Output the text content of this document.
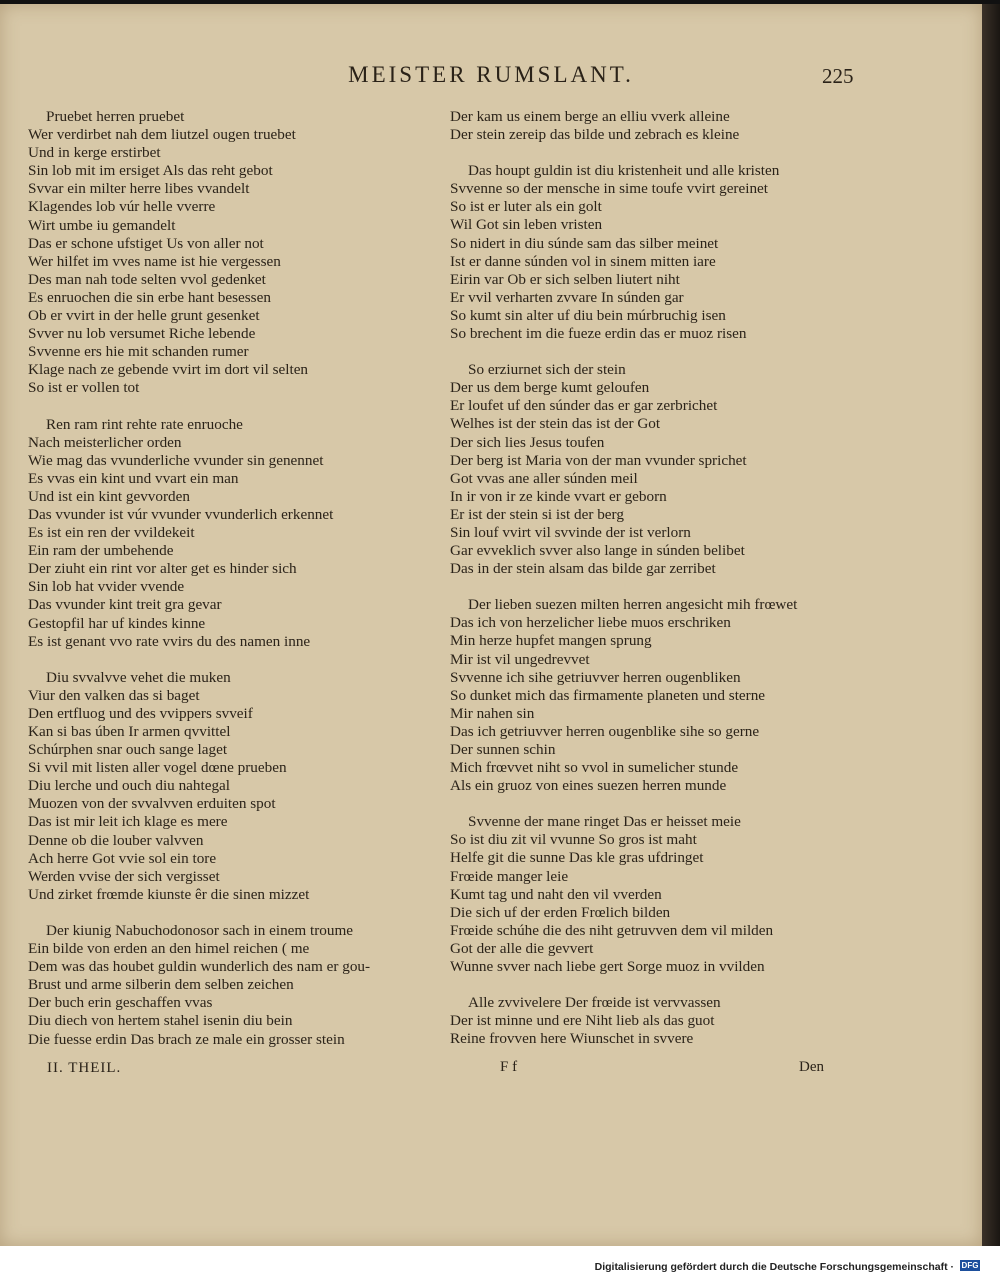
MEISTER RUMSLANT.	225
Pruebet herren pruebet
Wer verdirbet nah dem liutzel ougen truebet
Und in kerge erstirbet
Sin lob mit im ersiget Als das reht gebot
Svvar ein milter herre libes vvandelt
Klagendes lob vúr helle vverre
Wirt umbe iu gemandelt
Das er schone ufstiget Us von aller not
Wer hilfet im vves name ist hie vergessen
Des man nah tode selten vvol gedenket
Es enruochen die sin erbe hant besessen
Ob er vvirt in der helle grunt gesenket
Svver nu lob versumet Riche lebende
Svvenne ers hie mit schanden rumer
Klage nach ze gebende vvirt im dort vil selten
So ist er vollen tot
Ren ram rint rehte rate enruoche
Nach meisterlicher orden
Wie mag das vvunderliche vvunder sin genennet
Es vvas ein kint und vvart ein man
Und ist ein kint gevvorden
Das vvunder ist vúr vvunder vvunderlich erkennet
Es ist ein ren der vvildekeit
Ein ram der umbehende
Der ziuht ein rint vor alter get es hinder sich
Sin lob hat vvider vvende
Das vvunder kint treit gra gevar
Gestopfil har uf kindes kinne
Es ist genant vvo rate vvirs du des namen inne
Diu svvalvve vehet die muken
Viur den valken das si baget
Den ertfluog und des vvippers svveif
Kan si bas úben Ir armen qvvittel
Schúrphen snar ouch sange laget
Si vvil mit listen aller vogel dœne prueben
Diu lerche und ouch diu nahtegal
Muozen von der svvalvven erduiten spot
Das ist mir leit ich klage es mere
Denne ob die louber valvven
Ach herre Got vvie sol ein tore
Werden vvise der sich vergisset
Und zirket frœmde kiunste êr die sinen mizzet
Der kiunig Nabuchodonosor sach in einem troume
Ein bilde von erden an den himel reichen ( me
Dem was das houbet guldin wunderlich des nam er gou-
Brust und arme silberin dem selben zeichen
Der buch erin geschaffen vvas
Diu diech von hertem stahel isenin diu bein
Die fuesse erdin Das brach ze male ein grosser stein
Der kam us einem berge an elliu vverk alleine
Der stein zereip das bilde und zebrach es kleine
Das houpt guldin ist diu kristenheit und alle kristen
Svvenne so der mensche in sime toufe vvirt gereinet
So ist er luter als ein golt
Wil Got sin leben vristen
So nidert in diu súnde sam das silber meinet
Ist er danne súnden vol in sinem mitten iare
Eirin var Ob er sich selben liutert niht
Er vvil verharten zvvare In súnden gar
So kumt sin alter uf diu bein múrbruchig isen
So brechent im die fueze erdin das er muoz risen
So erziurnet sich der stein
Der us dem berge kumt geloufen
Er loufet uf den súnder das er gar zerbrichet
Welhes ist der stein das ist der Got
Der sich lies Jesus toufen
Der berg ist Maria von der man vvunder sprichet
Got vvas ane aller súnden meil
In ir von ir ze kinde vvart er geborn
Er ist der stein si ist der berg
Sin louf vvirt vil svvinde der ist verlorn
Gar evveklich svver also lange in súnden belibet
Das in der stein alsam das bilde gar zerribet
Der lieben suezen milten herren angesicht mih frœwet
Das ich von herzelicher liebe muos erschriken
Min herze hupfet mangen sprung
Mir ist vil ungedrevvet
Svvenne ich sihe getriuvver herren ougenbliken
So dunket mich das firmamente planeten und sterne
Mir nahen sin
Das ich getriuvver herren ougenblike sihe so gerne
Der sunnen schin
Mich frœvvet niht so vvol in sumelicher stunde
Als ein gruoz von eines suezen herren munde
Svvenne der mane ringet Das er heisset meie
So ist diu zit vil vvunne So gros ist maht
Helfe git die sunne Das kle gras ufdringet
Frœide manger leie
Kumt tag und naht den vil vverden
Die sich uf der erden Frœlich bilden
Frœide schúhe die des niht getruvven dem vil milden
Got der alle die gevvert
Wunne svver nach liebe gert Sorge muoz in vvilden
Alle zvvivelere Der frœide ist vervvassen
Der ist minne und ere Niht lieb als das guot
Reine frovven here Wiunschet in svvere
II. THEIL.	F f	Den
Digitalisierung gefördert durch die Deutsche Forschungsgemeinschaft · DFG
